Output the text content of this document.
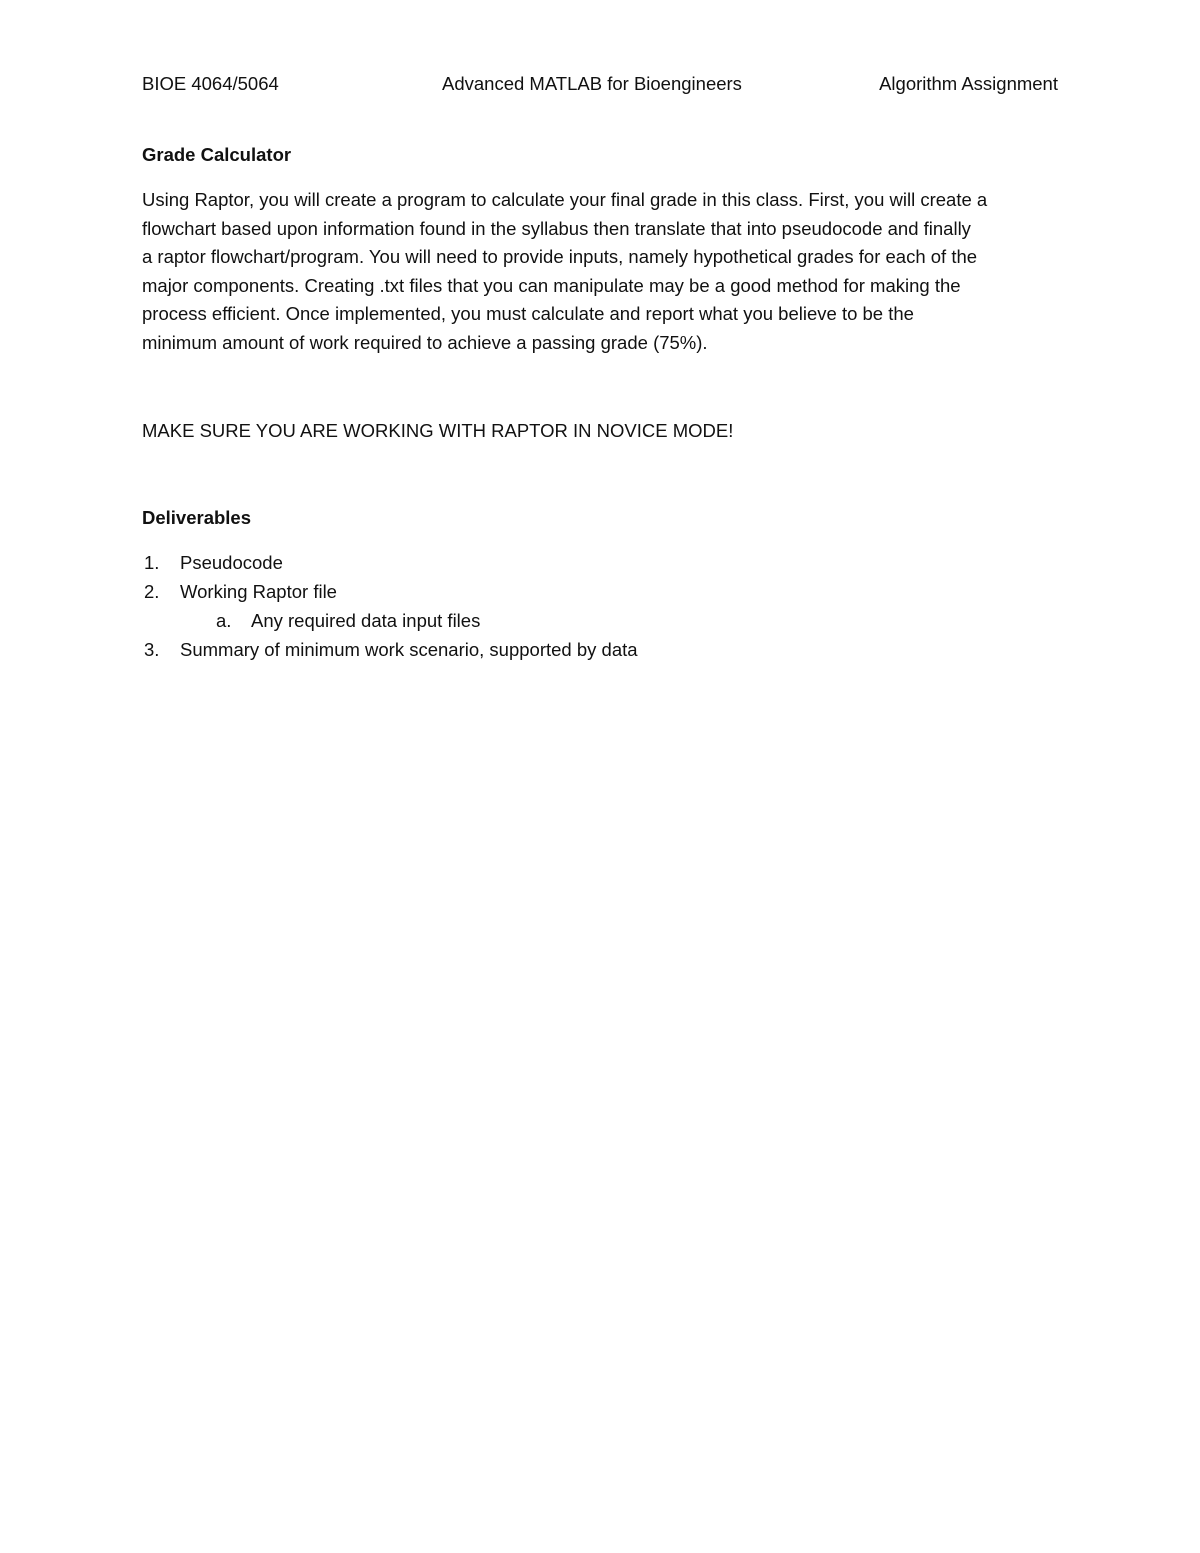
BIOE 4064/5064	Advanced MATLAB for Bioengineers	Algorithm Assignment
Grade Calculator
Using Raptor, you will create a program to calculate your final grade in this class. First, you will create a
flowchart based upon information found in the syllabus then translate that into pseudocode and finally
a raptor flowchart/program. You will need to provide inputs, namely hypothetical grades for each of the
major components. Creating .txt files that you can manipulate may be a good method for making the
process efficient. Once implemented, you must calculate and report what you believe to be the
minimum amount of work required to achieve a passing grade (75%).
MAKE SURE YOU ARE WORKING WITH RAPTOR IN NOVICE MODE!
Deliverables
1. Pseudocode
2. Working Raptor file
a. Any required data input files
3. Summary of minimum work scenario, supported by data
